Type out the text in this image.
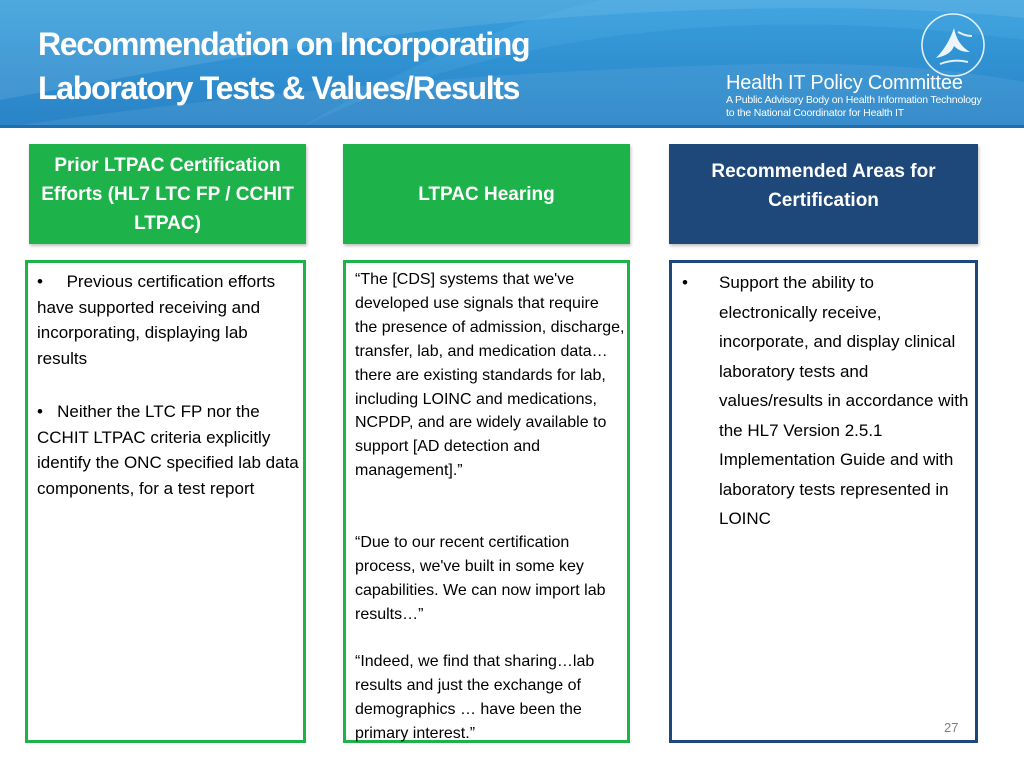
Recommendation on Incorporating
Laboratory Tests & Values/Results	Health IT Policy Committee
A Public Advisory Body on Health Information Technology
to the National Coordinator for Health IT
Prior LTPAC Certification Efforts (HL7 LTC FP / CCHIT LTPAC)

• Previous certification efforts have supported receiving and incorporating, displaying lab results

• Neither the LTC FP nor the CCHIT LTPAC criteria explicitly identify the ONC specified lab data components, for a test report

LTPAC Hearing

“The [CDS] systems that we've developed use signals that require the presence of admission, discharge, transfer, lab, and medication data…there are existing standards for lab, including LOINC and medications, NCPDP, and are widely available to support [AD detection and management].”

“Due to our recent certification process, we've built in some key capabilities. We can now import lab results…”

“Indeed, we find that sharing…lab results and just the exchange of demographics … have been the primary interest.”

Recommended Areas for Certification
• Support the ability to electronically receive, incorporate, and display clinical laboratory tests and values/results in accordance with the HL7 Version 2.5.1 Implementation Guide and with laboratory tests represented in LOINC

27
